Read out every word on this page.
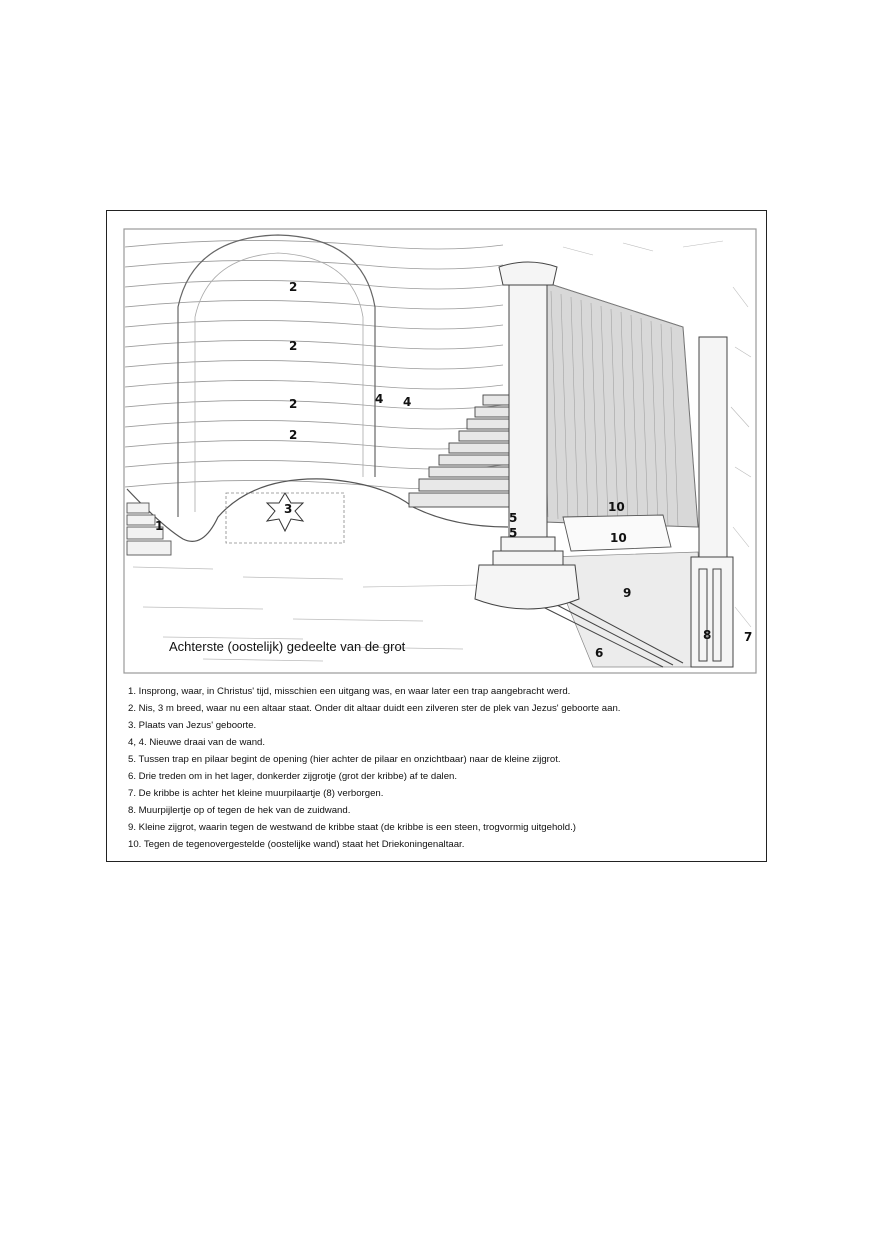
2
2
2
2
3
4 4
1
5
5
10
10
9
8	7
6
Achterste (oostelijk) gedeelte van de grot
1. Insprong, waar, in Christus' tijd, misschien een uitgang was, en waar later een trap aangebracht werd.
2. Nis, 3 m breed, waar nu een altaar staat. Onder dit altaar duidt een zilveren ster de plek van Jezus' geboorte aan.
3. Plaats van Jezus' geboorte.
4, 4. Nieuwe draai van de wand.
5. Tussen trap en pilaar begint de opening (hier achter de pilaar en onzichtbaar) naar de kleine zijgrot.
6. Drie treden om in het lager, donkerder zijgrotje (grot der kribbe) af te dalen.
7. De kribbe is achter het kleine muurpilaartje (8) verborgen.
8. Muurpijlertje op of tegen de hek van de zuidwand.
9. Kleine zijgrot, waarin tegen de westwand de kribbe staat (de kribbe is een steen, trogvormig uitgehold.)
10. Tegen de tegenovergestelde (oostelijke wand) staat het Driekoningenaltaar.
